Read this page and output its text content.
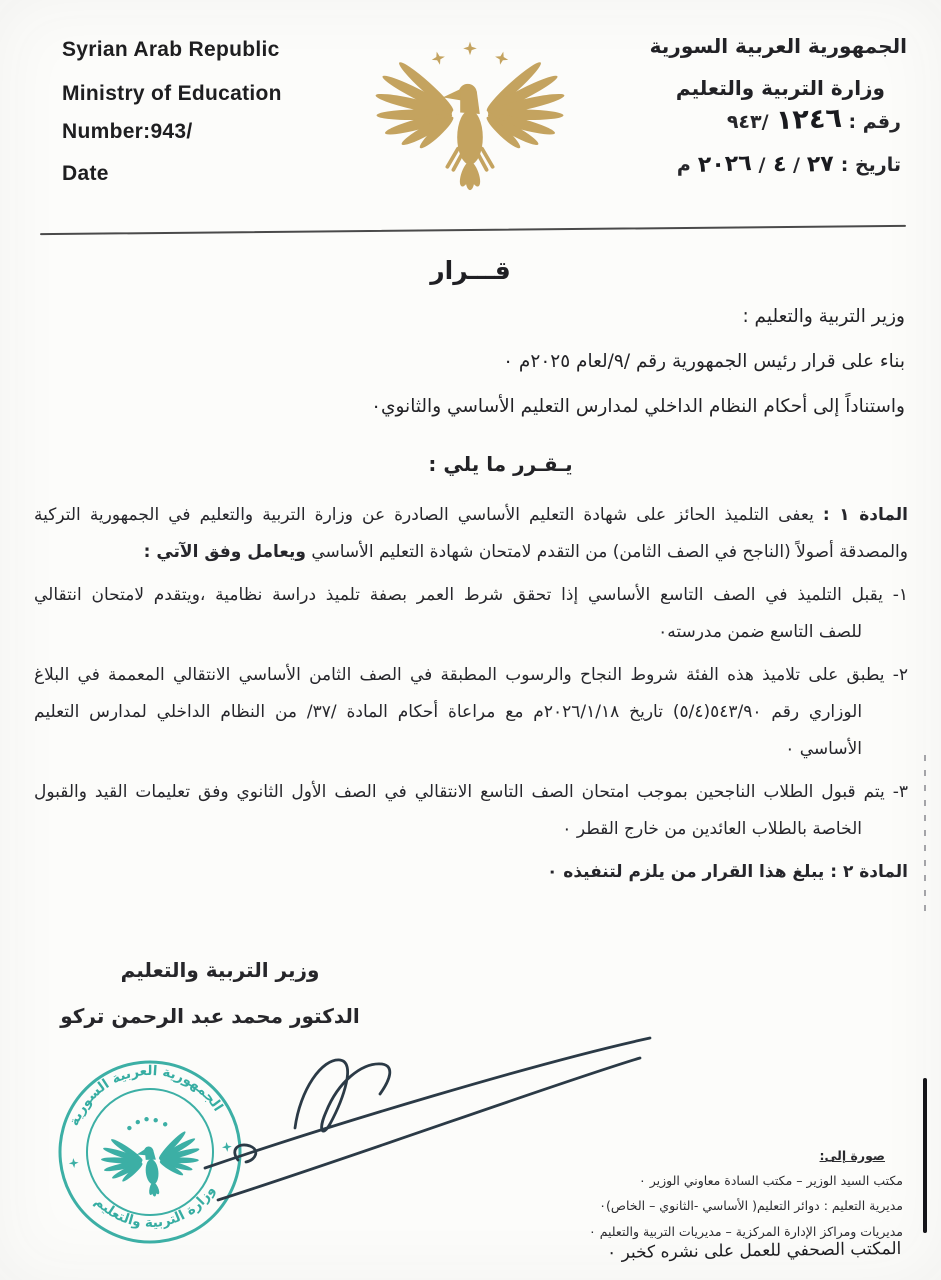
Syrian Arab Republic
Ministry of Education
Number:943/
Date
الجمهورية العربية السورية
وزارة التربية والتعليم
رقم :
١٢٤٦
٩٤٣/
تاريخ :
٢٧
/
٤
/
٢٠٢٦
م
قـــرار
وزير التربية والتعليم :
بناء على قرار رئيس الجمهورية رقم /٩/لعام ٢٠٢٥م ٠
واستناداً إلى أحكام النظام الداخلي لمدارس التعليم الأساسي والثانوي٠
يـقـرر ما يلي :
المادة ١ : يعفى التلميذ الحائز على شهادة التعليم الأساسي الصادرة عن وزارة التربية والتعليم في الجمهورية التركية
والمصدقة أصولاً (الناجح في الصف الثامن) من التقدم لامتحان شهادة التعليم الأساسي ويعامل وفق الآتي :
١- يقبل التلميذ في الصف التاسع الأساسي إذا تحقق شرط العمر بصفة تلميذ دراسة نظامية ،ويتقدم لامتحان انتقالي
للصف التاسع ضمن مدرسته٠
٢- يطبق على تلاميذ هذه الفئة شروط النجاح والرسوب المطبقة في الصف الثامن الأساسي الانتقالي المعممة في البلاغ
الوزاري رقم ٥٤٣/٩٠(٥/٤) تاريخ ٢٠٢٦/١/١٨م مع مراعاة أحكام المادة /٣٧/ من النظام الداخلي لمدارس التعليم
الأساسي ٠
٣- يتم قبول الطلاب الناجحين بموجب امتحان الصف التاسع الانتقالي في الصف الأول الثانوي وفق تعليمات القيد والقبول
الخاصة بالطلاب العائدين من خارج القطر ٠
المادة ٢ : يبلغ هذا القرار من يلزم لتنفيذه ٠
وزير التربية والتعليم
الدكتور محمد عبد الرحمن تركو
الجمهورية العربية السورية
وزارة التربية والتعليم
صورة إلى:
مكتب السيد الوزير – مكتب السادة معاوني الوزير ٠
مديرية التعليم : دوائر التعليم( الأساسي -الثانوي – الخاص)٠
مديريات ومراكز الإدارة المركزية – مديريات التربية والتعليم ٠
المكتب الصحفي للعمل على نشره كخبر ٠
